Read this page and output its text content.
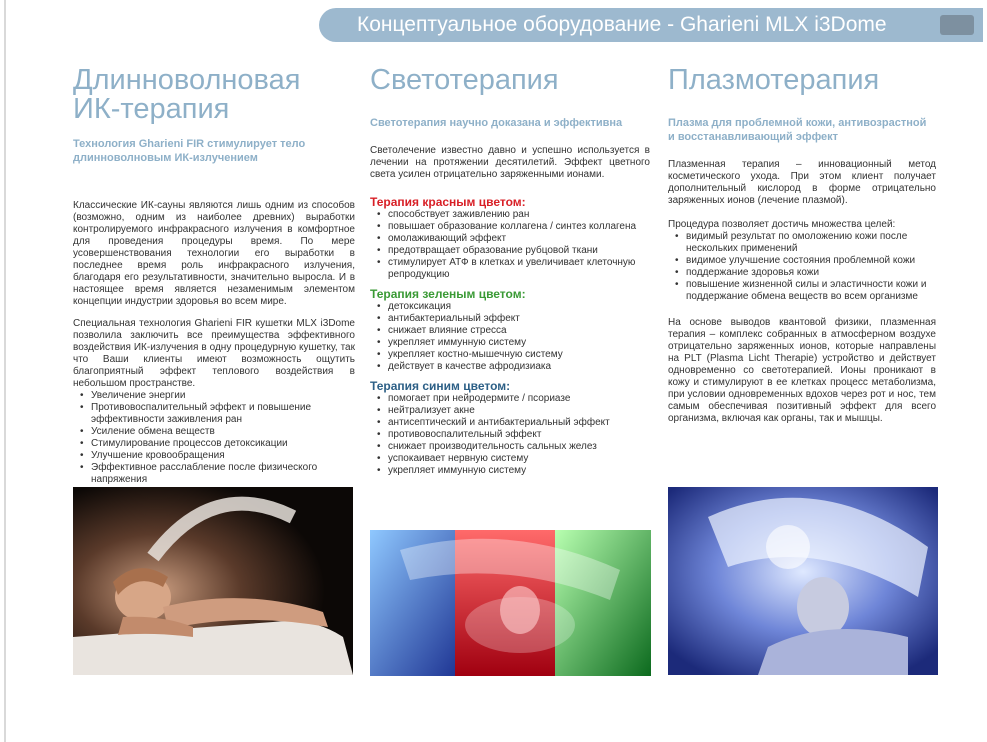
Концептуальное оборудование - Gharieni MLX i3Dome
Длинноволновая ИК-терапия

Технология Gharieni FIR стимулирует тело длинноволновым ИК-излучением

Классические ИК-сауны являются лишь одним из способов (возможно, одним из наиболее древних) выработки контролируемого инфракрасного излучения в комфортное для проведения процедуры время. По мере усовершенствования технологии его выработки в последнее время роль инфракрасного излучения, благодаря его результативности, значительно выросла. И в настоящее время является незаменимым элементом концепции индустрии здоровья во всем мире.

Специальная технология Gharieni FIR кушетки MLX i3Dome позволила заключить все преимущества эффективного воздействия ИК-излучения в одну процедурную кушетку, так что Ваши клиенты имеют возможность ощутить благоприятный эффект теплового воздействия в небольшом пространстве.

• Увеличение энергии
• Противовоспалительный эффект и повышение эффективности заживления ран
• Усиление обмена веществ
• Стимулирование процессов детоксикации
• Улучшение кровообращения
• Эффективное расслабление после физического напряжения
Светотерапия

Светотерапия научно доказана и эффективна

Светолечение известно давно и успешно используется в лечении на протяжении десятилетий. Эффект цветного света усилен отрицательно заряженными ионами.

Терапия красным цветом:

• способствует заживлению ран
• повышает образование коллагена / синтез коллагена
• омолаживающий эффект
• предотвращает образование рубцовой ткани
• стимулирует АТФ в клетках и увеличивает клеточную репродукцию

Терапия зеленым цветом:

• детоксикация
• антибактериальный эффект
• снижает влияние стресса
• укрепляет иммунную систему
• укрепляет костно-мышечную систему
• действует в качестве афродизиака

Терапия синим цветом:

• помогает при нейродермите / псориазе
• нейтрализует акне
• антисептический и антибактериальный эффект
• противовоспалительный эффект
• снижает производительность сальных желез
• успокаивает нервную систему
• укрепляет иммунную систему
Плазмотерапия

Плазма для проблемной кожи, антивозрастной и восстанавливающий эффект

Плазменная терапия – инновационный метод косметического ухода. При этом клиент получает дополнительный кислород в форме отрицательно заряженных ионов (лечение плазмой).

Процедура позволяет достичь множества целей:

• видимый результат по омоложению кожи после нескольких применений
• видимое улучшение состояния проблемной кожи
• поддержание здоровья кожи
• повышение жизненной силы и эластичности кожи и поддержание обмена веществ во всем организме

На основе выводов квантовой физики, плазменная терапия – комплекс собранных в атмосферном воздухе отрицательно заряженных ионов, которые направлены на PLT (Plasma Licht Therapie) устройство и действует одновременно со светотерапией. Ионы проникают в кожу и стимулируют в ее клетках процесс метаболизма, при условии одновременных вдохов через рот и нос, тем самым обеспечивая позитивный эффект для всего организма, включая как органы, так и мышцы.
